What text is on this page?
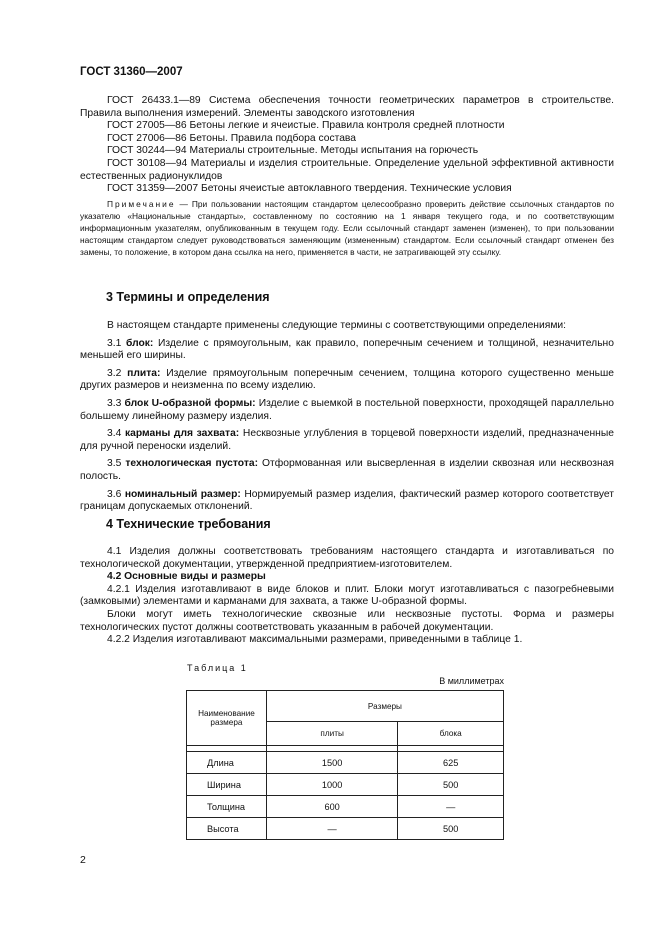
ГОСТ 31360—2007

ГОСТ 26433.1—89 Система обеспечения точности геометрических параметров в строительстве. Правила выполнения измерений. Элементы заводского изготовления

ГОСТ 27005—86 Бетоны легкие и ячеистые. Правила контроля средней плотности

ГОСТ 27006—86 Бетоны. Правила подбора состава

ГОСТ 30244—94 Материалы строительные. Методы испытания на горючесть

ГОСТ 30108—94 Материалы и изделия строительные. Определение удельной эффективной активности естественных радионуклидов

ГОСТ 31359—2007 Бетоны ячеистые автоклавного твердения. Технические условия

Примечание — При пользовании настоящим стандартом целесообразно проверить действие ссылочных стандартов по указателю «Национальные стандарты», составленному по состоянию на 1 января текущего года, и по соответствующим информационным указателям, опубликованным в текущем году. Если ссылочный стандарт заменен (изменен), то при пользовании настоящим стандартом следует руководствоваться заменяющим (измененным) стандартом. Если ссылочный стандарт отменен без замены, то положение, в котором дана ссылка на него, применяется в части, не затрагивающей эту ссылку.
3 Термины и определения

В настоящем стандарте применены следующие термины с соответствующими определениями:

3.1 блок: Изделие с прямоугольным, как правило, поперечным сечением и толщиной, незначительно меньшей его ширины.

3.2 плита: Изделие прямоугольным поперечным сечением, толщина которого существенно меньше других размеров и неизменна по всему изделию.

3.3 блок U-образной формы: Изделие с выемкой в постельной поверхности, проходящей параллельно большему линейному размеру изделия.

3.4 карманы для захвата: Несквозные углубления в торцевой поверхности изделий, предназначенные для ручной переноски изделий.

3.5 технологическая пустота: Отформованная или высверленная в изделии сквозная или несквозная полость.

3.6 номинальный размер: Нормируемый размер изделия, фактический размер которого соответствует границам допускаемых отклонений.

4 Технические требования

4.1 Изделия должны соответствовать требованиям настоящего стандарта и изготавливаться по технологической документации, утвержденной предприятием-изготовителем.

4.2 Основные виды и размеры

4.2.1 Изделия изготавливают в виде блоков и плит. Блоки могут изготавливаться с пазогребневыми (замковыми) элементами и карманами для захвата, а также U-образной формы.

Блоки могут иметь технологические сквозные или несквозные пустоты. Форма и размеры технологических пустот должны соответствовать указанным в рабочей документации.

4.2.2 Изделия изготавливают максимальными размерами, приведенными в таблице 1.

Таблица 1
В миллиметрах
Наименование размера	Размеры	
	плиты	блока

Длина	1500	625
Ширина	1000	500
Толщина	600	—
Высота	—	500
2
